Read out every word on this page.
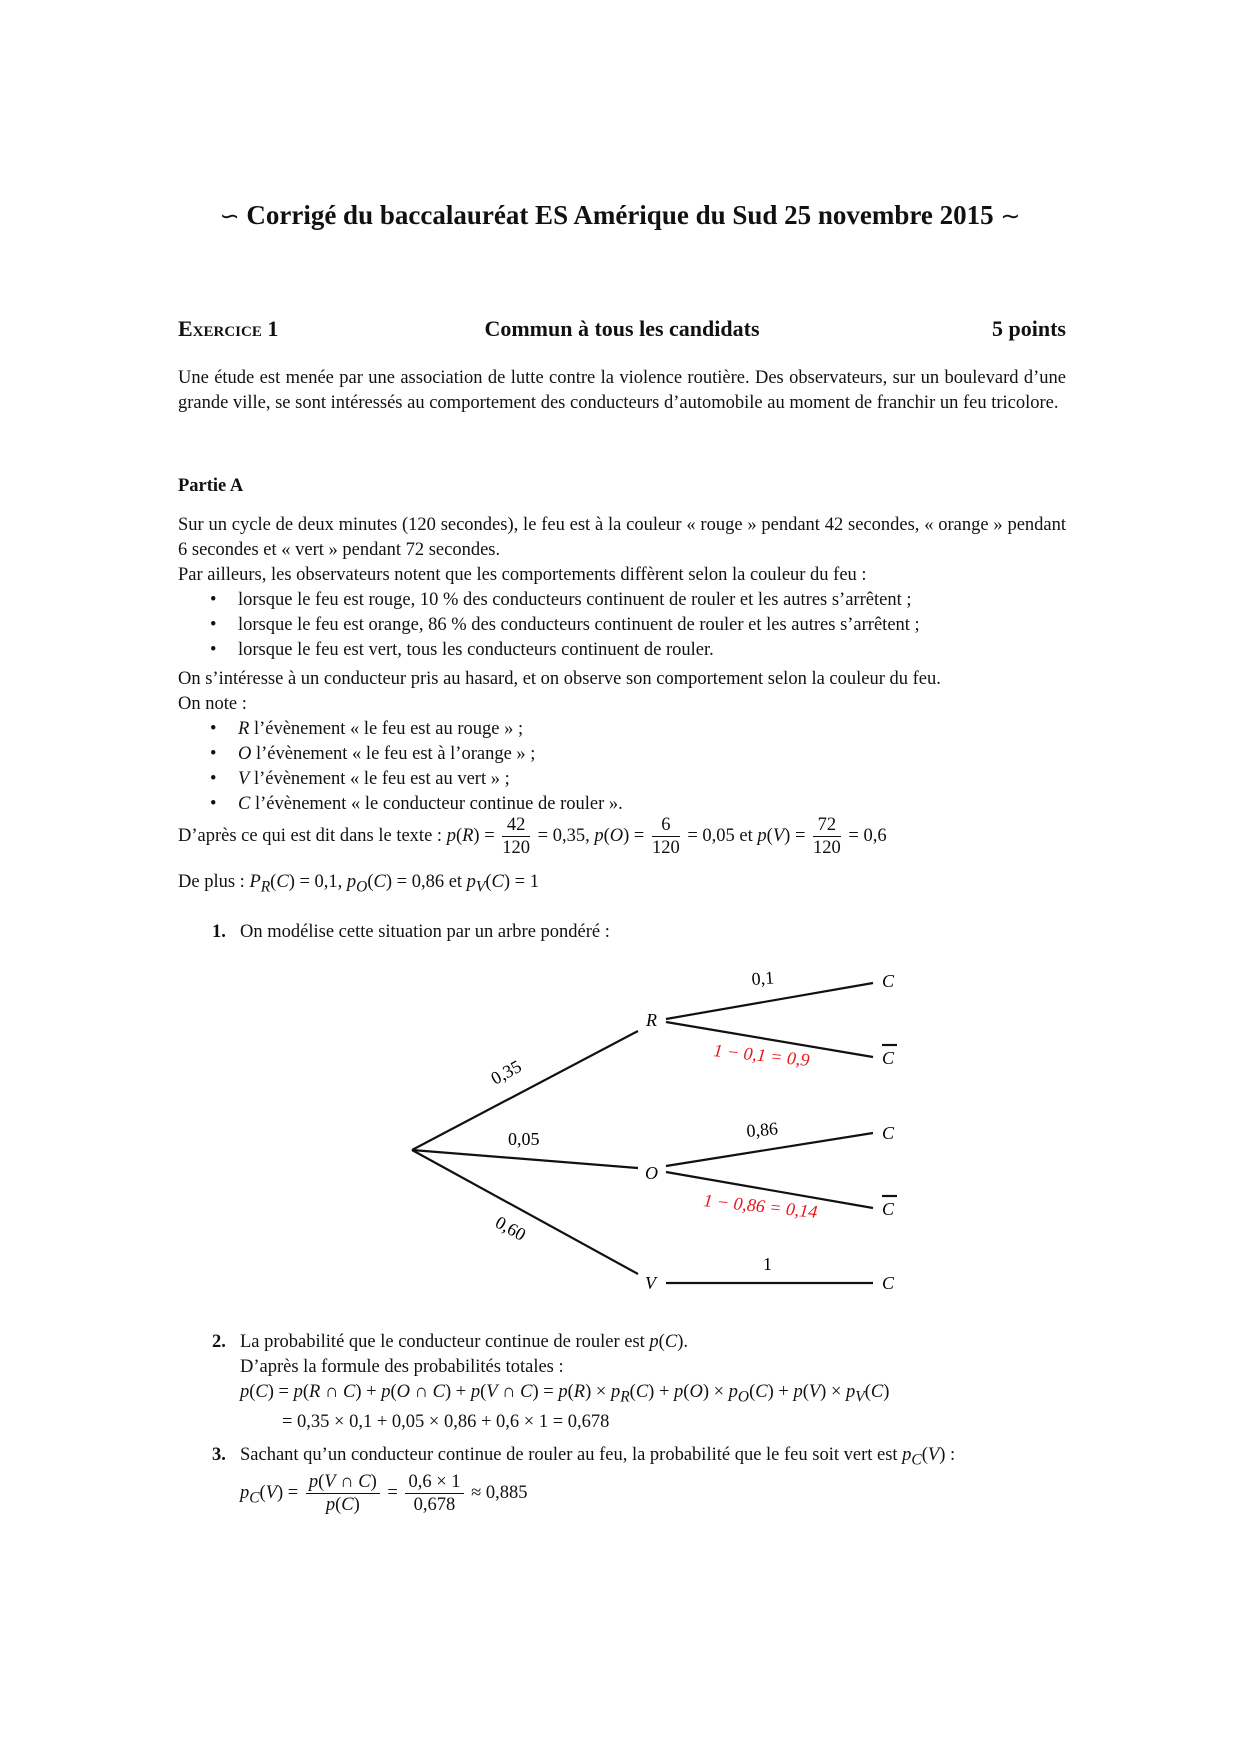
∽ Corrigé du baccalauréat ES Amérique du Sud 25 novembre 2015 ∼
Exercice 1	Commun à tous les candidats	5 points
Une étude est menée par une association de lutte contre la violence routière. Des observateurs, sur un boulevard d’une grande ville, se sont intéressés au comportement des conducteurs d’automobile au moment de franchir un feu tricolore.
Partie A
Sur un cycle de deux minutes (120 secondes), le feu est à la couleur « rouge » pendant 42 secondes, « orange » pendant 6 secondes et « vert » pendant 72 secondes.
Par ailleurs, les observateurs notent que les comportements diffèrent selon la couleur du feu :
• lorsque le feu est rouge, 10 % des conducteurs continuent de rouler et les autres s’arrêtent ;
• lorsque le feu est orange, 86 % des conducteurs continuent de rouler et les autres s’arrêtent ;
• lorsque le feu est vert, tous les conducteurs continuent de rouler.
On s’intéresse à un conducteur pris au hasard, et on observe son comportement selon la couleur du feu.
On note :
• R l’évènement « le feu est au rouge » ;
• O l’évènement « le feu est à l’orange » ;
• V l’évènement « le feu est au vert » ;
• C l’évènement « le conducteur continue de rouler ».
D’après ce qui est dit dans le texte : $p(R) = \frac{42}{120} = 0,35$, $p(O) = \frac{6}{120} = 0,05$ et $p(V) = \frac{72}{120} = 0,6$
De plus : $P_R(C) = 0,1$, $p_O(C) = 0,86$ et $p_V(C) = 1$
1. On modélise cette situation par un arbre pondéré :
R
O
V
C
C
C
C
C
0,35
0,05
0,60
0,1
1 − 0,1 = 0,9
0,86
1 − 0,86 = 0,14
1
2. La probabilité que le conducteur continue de rouler est p(C).
D’après la formule des probabilités totales :
p(C) = p(R ∩ C) + p(O ∩ C) + p(V ∩ $C) = p(R) \times p_R(C) + p(O) \times p_O(C) + p(V) \times p_V(C)$
= 0,35 × 0,1 + 0,05 × 0,86 + 0,6 × 1 = 0,678
3. Sachant qu’un conducteur continue de rouler au feu, la probabilité que le feu soit vert est $p_C(V)$ :

$p_C(V) = \frac{p(V \cap C)}{p(C)} = \frac{0,6 \times 1}{0,678} \approx 0,885$
